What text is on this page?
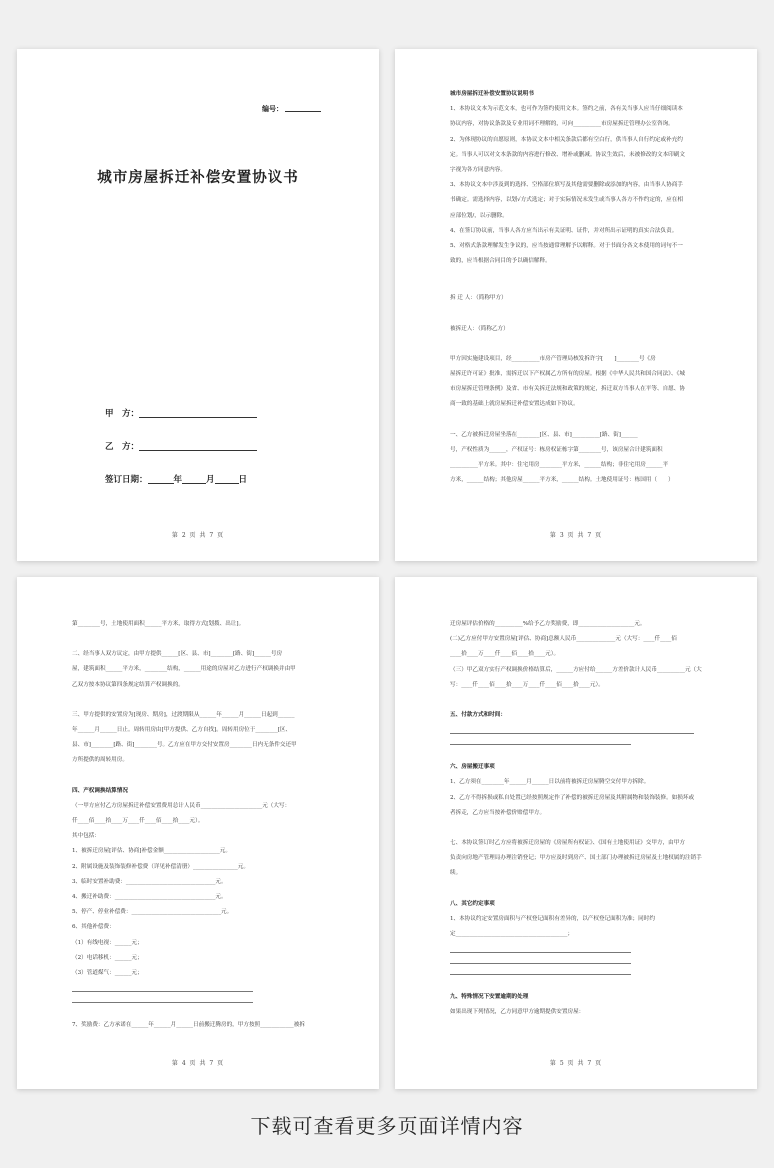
编号：
城市房屋拆迁补偿安置协议书
甲　方：
乙　方：
签订日期：	年	月	日
第 2 页 共 7 页

城市房屋拆迁补偿安置协议说明书

1、本协议文本为示范文本，也可作为签约使用文本。签约之前，各有关当事人应当仔细阅读本

协议内容，对协议条款及专业用词不理解的，可向__________市房屋拆迁管理办公室咨询。

2、为体现协议的自愿原则，本协议文本中相关条款后都有空白行，供当事人自行约定或补充约

定。当事人可以对文本条款的内容进行修改、增补或删减。协议生效后，未被修改的文本印刷文

字视为各方同意内容。

3、本协议文本中涉及到的选择、空格部位填写及其他需要删除或添加的内容，由当事人协商手

书确定。需选择内容，以划√方式选定；对于实际情况未发生或当事人各方不作约定的，应在相

应部位划/，以示删除。

4、在签订协议前，当事人各方应当出示有关证明、证件，并对所出示证明的真实合法负责。

5、对格式条款理解发生争议的，应当按通常理解予以解释。对于书面分各文本使用的词句不一

致的，应当根据合同目的予以确信解释。

拆 迁 人：（简称甲方）

被拆迁人：（简称乙方）

甲方因实施建设项目，经__________市房产管理局核发拆许字[　　]________号《房

屋拆迁许可证》批准，需拆迁以下产权属乙方所有的房屋。根据《中华人民共和国合同法》、《城

市房屋拆迁管理条例》及省、市有关拆迁法规和政策的规定，拆迁双方当事人在平等、自愿、协

商一致的基础上就房屋拆迁补偿安置达成如下协议。

一、乙方被拆迁房屋坐落在________[区、县、市]__________[路、街]______

号，产权性质为______，产权证号：栋房权证栋字第________号，该房屋合计建筑面积

__________平方米。其中：住宅用房________平方米，______结构；非住宅用房______平

方米，______结构；其他房屋______平方米，______结构。土地使用证号：栋国用（　　）

第 3 页 共 7 页

第________号，土地使用面积______平方米，取得方式[划拨、出让]。

二、经当事人双方议定，由甲方提供______[区、县、市]________[路、街]______号房

屋，建筑面积______平方米，________结构，______用途的房屋对乙方进行产权调换并由甲

乙双方按本协议第四条规定结算产权调换的。

三、甲方提供的安置房为[现房、期房]，过渡期限从______年______月______日起到______

年______月______日止。周转用房由[甲方提供、乙方自找]。周转用房位于________[区、

县、市]________[路、街]________号。乙方应在甲方交付安置房________日内无条件交还甲

方所提供的周转用房。

四、产权调换结算情况

（一甲方应付乙方房屋拆迁补偿安置费用总计人民币______________________元（大写：

仟____佰____拾____万____仟____佰____拾____元）。

其中包括：

1、被拆迁房屋[评估、协商]补偿金额____________________元。

2、附属设施及装饰装修补偿费（详见补偿清册）________________元。

3、临时安置补助费：________________________________元。

4、搬迁补助费：____________________________________元。

5、停产、停业补偿费：________________________________元。

6、其他补偿费：

（1）有线电视：______元；

（2）电话移机：______元；

（3）管道煤气：______元；

7、奖励费：乙方承诺在______年______月______日前搬迁腾房的，甲方按照____________被拆

第 4 页 共 7 页

迁房屋评估价格的__________%给予乙方奖励费，即____________________元。

(二)乙方应付甲方安置房屋[评估、协商]总额人民币______________元（大写：____仟____佰

____拾____万____仟____佰____拾____元）。

（三）甲乙双方实行产权调换价格结算后，______方应付给______方差价款计人民币__________元（大

写：____仟____佰____拾____万____仟____佰____拾____元）。

五、付款方式和时间：

六、房屋搬迁事项

1、乙方须在________年______月______日以前将被拆迁房屋腾空交付甲方拆除。

2、乙方不得拆损或私自处置已经按照规定作了补偿的被拆迁房屋及其附属物和装饰装修。如损坏或

者拆走，乙方应当按补偿价赔偿甲方。

七、本协议签订时乙方应将被拆迁房屋的《房屋所有权证》、《国有土地使用证》交甲方，由甲方

负责向房地产管理局办理注销登记；甲方应及时到房产、国土部门办理被拆迁房屋及土地权属的注销手续。

八、其它约定事项

1、本协议约定安置房面积与产权登记面积有差异的，以产权登记面积为准；同时约

定________________________________________；

九、特殊情况下安置逾期的处理

如果出现下列情况，乙方同意甲方逾期提供安置房屋：

第 5 页 共 7 页
下载可查看更多页面详情内容
